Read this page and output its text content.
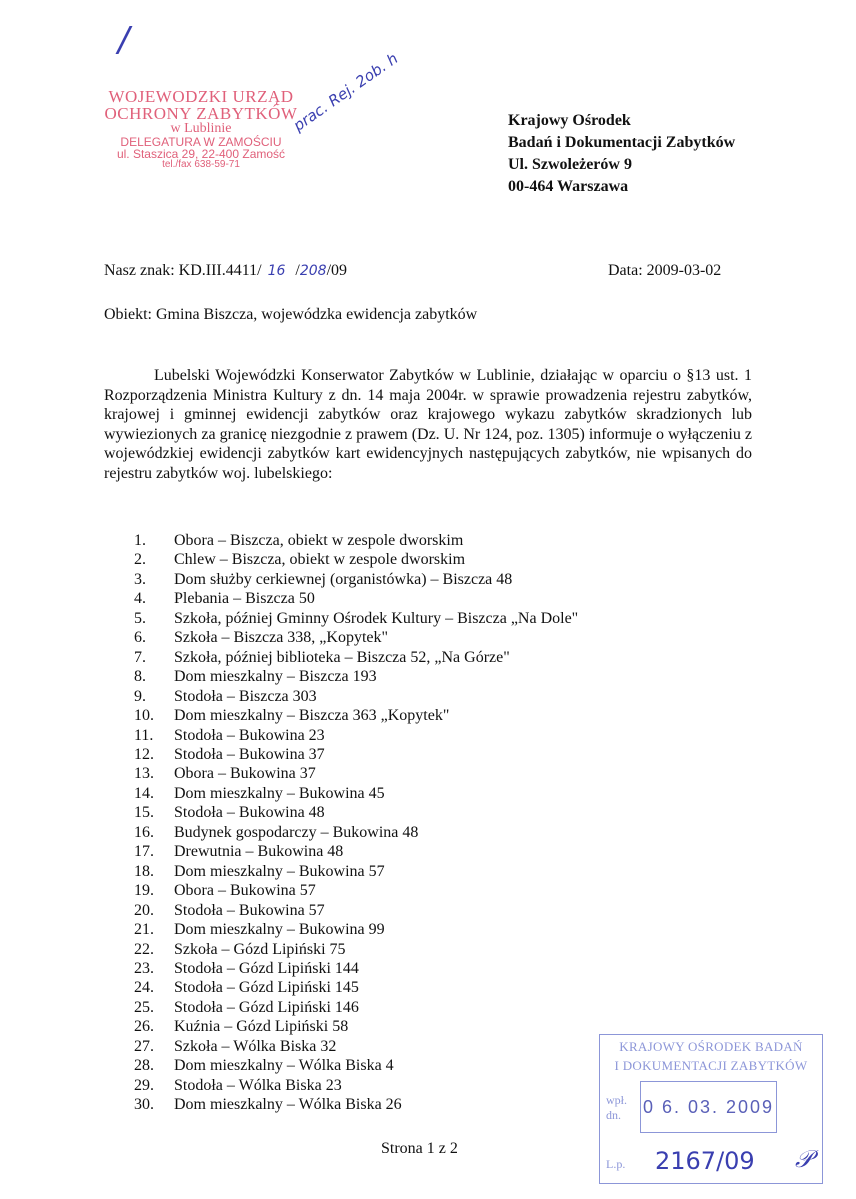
/
WOJEWODZKI URZĄD
OCHRONY ZABYTKÓW
w Lublinie
DELEGATURA W ZAMOŚCIU
ul. Staszica 29, 22-400 Zamość
tel./fax 638-59-71
prac. Rej. 2ob. h	Krajowy Ośrodek
Badań i Dokumentacji Zabytków
Ul. Szwoleżerów 9
00-464 Warszawa
Nasz znak: KD.III.4411/ 16 /208/09	Data: 2009-03-02
Obiekt: Gmina Biszcza, wojewódzka ewidencja zabytków
Lubelski Wojewódzki Konserwator Zabytków w Lublinie, działając w oparciu o §13 ust. 1 Rozporządzenia Ministra Kultury z dn. 14 maja 2004r. w sprawie prowadzenia rejestru zabytków, krajowej i gminnej ewidencji zabytków oraz krajowego wykazu zabytków skradzionych lub wywiezionych za granicę niezgodnie z prawem (Dz. U. Nr 124, poz. 1305) informuje o wyłączeniu z wojewódzkiej ewidencji zabytków kart ewidencyjnych następujących zabytków, nie wpisanych do rejestru zabytków woj. lubelskiego:
1.	Obora – Biszcza, obiekt w zespole dworskim
2.	Chlew – Biszcza, obiekt w zespole dworskim
3.	Dom służby cerkiewnej (organistówka) – Biszcza 48
4.	Plebania – Biszcza 50
5.	Szkoła, później Gminny Ośrodek Kultury – Biszcza „Na Dole"
6.	Szkoła – Biszcza 338, „Kopytek"
7.	Szkoła, później biblioteka – Biszcza 52, „Na Górze"
8.	Dom mieszkalny – Biszcza 193
9.	Stodoła – Biszcza 303
10.	Dom mieszkalny – Biszcza 363 „Kopytek"
11.	Stodoła – Bukowina 23
12.	Stodoła – Bukowina 37
13.	Obora – Bukowina 37
14.	Dom mieszkalny – Bukowina 45
15.	Stodoła – Bukowina 48
16.	Budynek gospodarczy – Bukowina 48
17.	Drewutnia – Bukowina 48
18.	Dom mieszkalny – Bukowina 57
19.	Obora – Bukowina 57
20.	Stodoła – Bukowina 57
21.	Dom mieszkalny – Bukowina 99
22.	Szkoła – Gózd Lipiński 75
23.	Stodoła – Gózd Lipiński 144
24.	Stodoła – Gózd Lipiński 145
25.	Stodoła – Gózd Lipiński 146
26.	Kuźnia – Gózd Lipiński 58
27.	Szkoła – Wólka Biska 32
28.	Dom mieszkalny – Wólka Biska 4
29.	Stodoła – Wólka Biska 23
30.	Dom mieszkalny – Wólka Biska 26
Strona 1 z 2
KRAJOWY OŚRODEK BADAŃ
I DOKUMENTACJI ZABYTKÓW
wpł.
dn.	0 6. 03. 2009
L.p. 2167/09 𝒫
